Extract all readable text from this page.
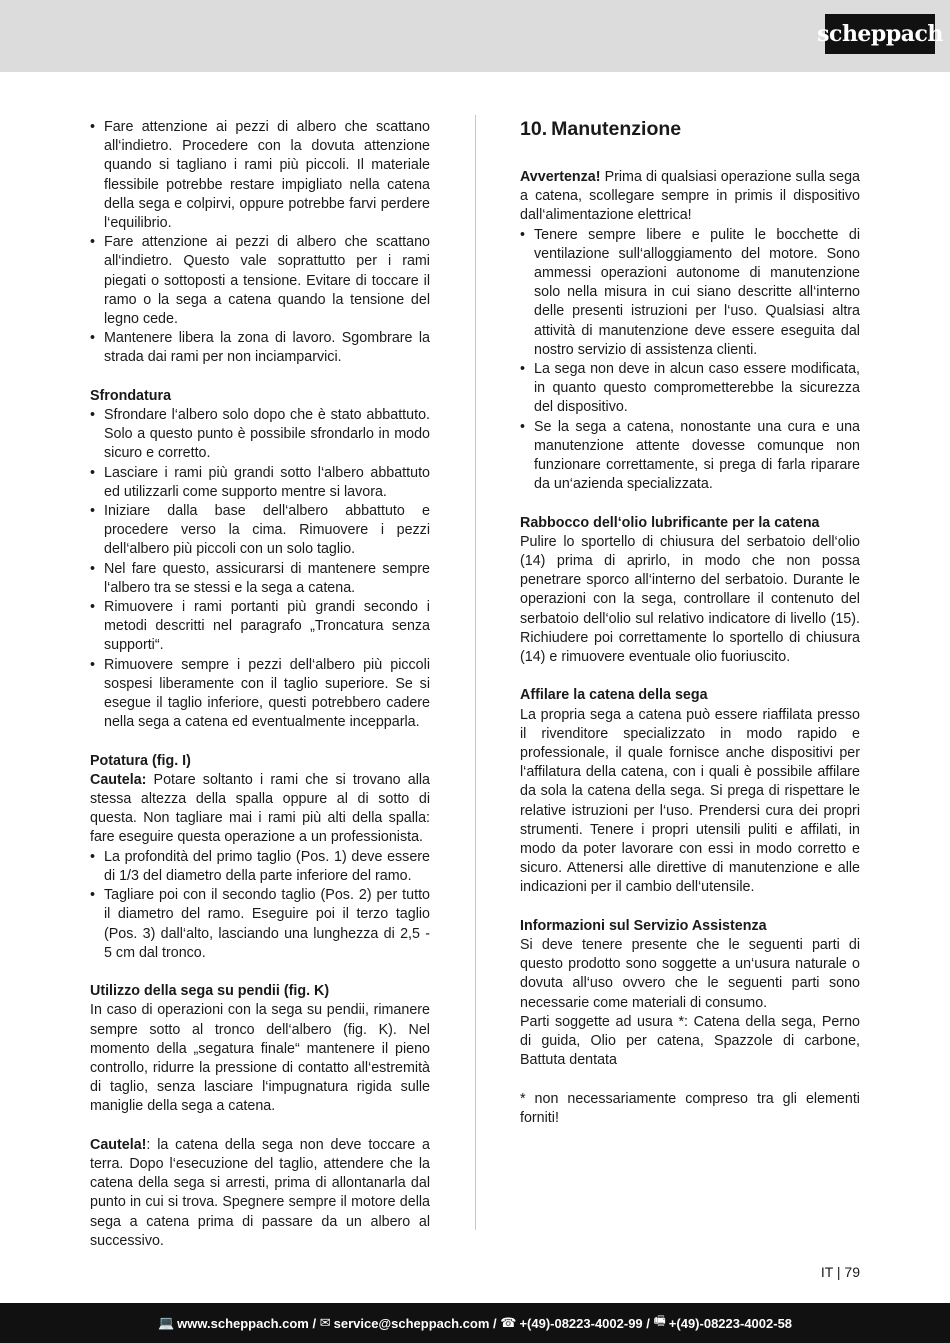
scheppach
• Fare attenzione ai pezzi di albero che scattano all‘indietro. Procedere con la dovuta attenzione quando si tagliano i rami più piccoli. Il materiale flessibile potrebbe restare impigliato nella catena della sega e colpirvi, oppure potrebbe farvi perdere l‘equilibrio.
• Fare attenzione ai pezzi di albero che scattano all‘indietro. Questo vale soprattutto per i rami piegati o sottoposti a tensione. Evitare di toccare il ramo o la sega a catena quando la tensione del legno cede.
• Mantenere libera la zona di lavoro. Sgombrare la strada dai rami per non inciamparvici.

Sfrondatura

• Sfrondare l‘albero solo dopo che è stato abbattuto. Solo a questo punto è possibile sfrondarlo in modo sicuro e corretto.
• Lasciare i rami più grandi sotto l‘albero abbattuto ed utilizzarli come supporto mentre si lavora.
• Iniziare dalla base dell‘albero abbattuto e procedere verso la cima. Rimuovere i pezzi dell‘albero più piccoli con un solo taglio.
• Nel fare questo, assicurarsi di mantenere sempre l‘albero tra se stessi e la sega a catena.
• Rimuovere i rami portanti più grandi secondo i metodi descritti nel paragrafo „Troncatura senza supporti“.
• Rimuovere sempre i pezzi dell‘albero più piccoli sospesi liberamente con il taglio superiore. Se si esegue il taglio inferiore, questi potrebbero cadere nella sega a catena ed eventualmente incepparla.

Potatura (fig. I)

Cautela: Potare soltanto i rami che si trovano alla stessa altezza della spalla oppure al di sotto di questa. Non tagliare mai i rami più alti della spalla: fare eseguire questa operazione a un professionista.

• La profondità del primo taglio (Pos. 1) deve essere di 1/3 del diametro della parte inferiore del ramo.
• Tagliare poi con il secondo taglio (Pos. 2) per tutto il diametro del ramo. Eseguire poi il terzo taglio (Pos. 3) dall‘alto, lasciando una lunghezza di 2,5 - 5 cm dal tronco.

Utilizzo della sega su pendii (fig. K)

In caso di operazioni con la sega su pendii, rimanere sempre sotto al tronco dell‘albero (fig. K). Nel momento della „segatura finale“ mantenere il pieno controllo, ridurre la pressione di contatto all‘estremità di taglio, senza lasciare l‘impugnatura rigida sulle maniglie della sega a catena.

Cautela!: la catena della sega non deve toccare a terra. Dopo l‘esecuzione del taglio, attendere che la catena della sega si arresti, prima di allontanarla dal punto in cui si trova. Spegnere sempre il motore della sega a catena prima di passare da un albero al successivo.

10. Manutenzione

Avvertenza! Prima di qualsiasi operazione sulla sega a catena, scollegare sempre in primis il dispositivo dall‘alimentazione elettrica!

• Tenere sempre libere e pulite le bocchette di ventilazione sull‘alloggiamento del motore. Sono ammessi operazioni autonome di manutenzione solo nella misura in cui siano descritte all‘interno delle presenti istruzioni per l‘uso. Qualsiasi altra attività di manutenzione deve essere eseguita dal nostro servizio di assistenza clienti.
• La sega non deve in alcun caso essere modificata, in quanto questo comprometterebbe la sicurezza del dispositivo.
• Se la sega a catena, nonostante una cura e una manutenzione attente dovesse comunque non funzionare correttamente, si prega di farla riparare da un‘azienda specializzata.

Rabbocco dell‘olio lubrificante per la catena

Pulire lo sportello di chiusura del serbatoio dell‘olio (14) prima di aprirlo, in modo che non possa penetrare sporco all‘interno del serbatoio. Durante le operazioni con la sega, controllare il contenuto del serbatoio dell‘olio sul relativo indicatore di livello (15). Richiudere poi correttamente lo sportello di chiusura (14) e rimuovere eventuale olio fuoriuscito.

Affilare la catena della sega

La propria sega a catena può essere riaffilata presso il rivenditore specializzato in modo rapido e professionale, il quale fornisce anche dispositivi per l‘affilatura della catena, con i quali è possibile affilare da sola la catena della sega. Si prega di rispettare le relative istruzioni per l‘uso. Prendersi cura dei propri strumenti. Tenere i propri utensili puliti e affilati, in modo da poter lavorare con essi in modo corretto e sicuro. Attenersi alle direttive di manutenzione e alle indicazioni per il cambio dell‘utensile.

Informazioni sul Servizio Assistenza

Si deve tenere presente che le seguenti parti di questo prodotto sono soggette a un‘usura naturale o dovuta all‘uso ovvero che le seguenti parti sono necessarie come materiali di consumo.

Parti soggette ad usura *: Catena della sega, Perno di guida, Olio per catena, Spazzole di carbone, Battuta dentata

* non necessariamente compreso tra gli elementi forniti!

IT | 79
💻 www.scheppach.com / ✉ service@scheppach.com / ☎ +(49)-08223-4002-99 / 🖷 +(49)-08223-4002-58
